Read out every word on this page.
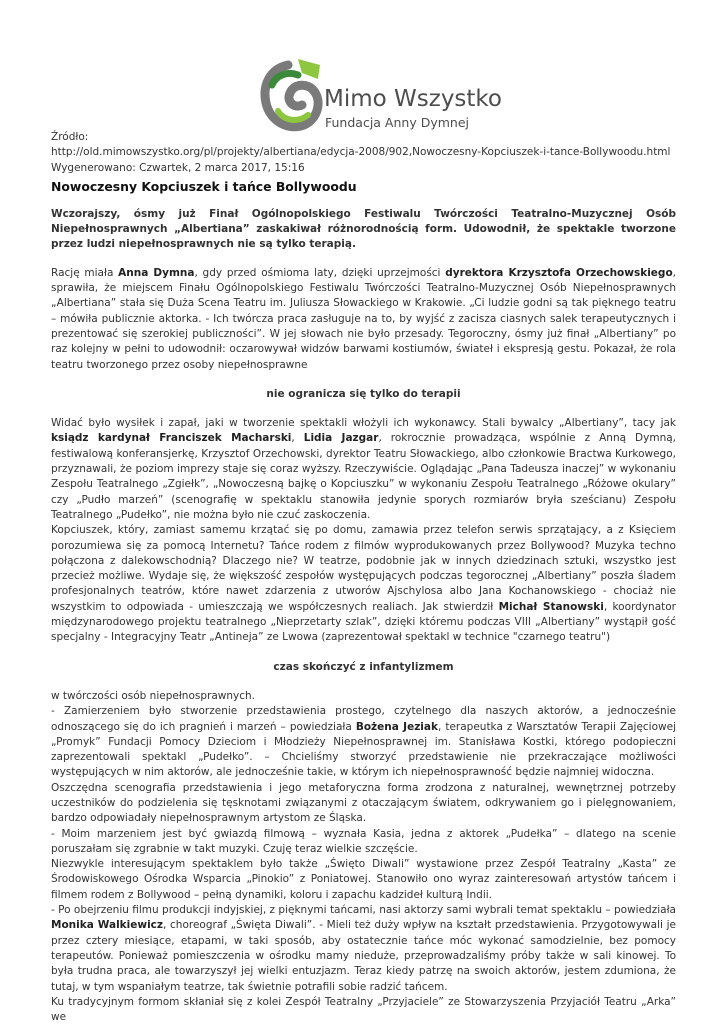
Mimo Wszystko
Fundacja Anny Dymnej
Źródło:
http://old.mimowszystko.org/pl/projekty/albertiana/edycja-2008/902,Nowoczesny-Kopciuszek-i-tance-Bollywoodu.html
Wygenerowano: Czwartek, 2 marca 2017, 15:16
Nowoczesny Kopciuszek i tańce Bollywoodu

Wczorajszy, ósmy już Finał Ogólnopolskiego Festiwalu Twórczości Teatralno-Muzycznej Osób Niepełnosprawnych „Albertiana” zaskakiwał różnorodnością form. Udowodnił, że spektakle tworzone przez ludzi niepełnosprawnych nie są tylko terapią.

Rację miała Anna Dymna, gdy przed ośmioma laty, dzięki uprzejmości dyrektora Krzysztofa Orzechowskiego, sprawiła, że miejscem Finału Ogólnopolskiego Festiwalu Twórczości Teatralno-Muzycznej Osób Niepełnosprawnych „Albertiana” stała się Duża Scena Teatru im. Juliusza Słowackiego w Krakowie. „Ci ludzie godni są tak pięknego teatru – mówiła publicznie aktorka. - Ich twórcza praca zasługuje na to, by wyjść z zacisza ciasnych salek terapeutycznych i prezentować się szerokiej publiczności”. W jej słowach nie było przesady. Tegoroczny, ósmy już finał „Albertiany” po raz kolejny w pełni to udowodnił: oczarowywał widzów barwami kostiumów, świateł i ekspresją gestu. Pokazał, że rola teatru tworzonego przez osoby niepełnosprawne

nie ogranicza się tylko do terapii

Widać było wysiłek i zapał, jaki w tworzenie spektakli włożyli ich wykonawcy. Stali bywalcy „Albertiany”, tacy jak ksiądz kardynał Franciszek Macharski, Lidia Jazgar, rokrocznie prowadząca, wspólnie z Anną Dymną, festiwalową konferansjerkę, Krzysztof Orzechowski, dyrektor Teatru Słowackiego, albo członkowie Bractwa Kurkowego, przyznawali, że poziom imprezy staje się coraz wyższy. Rzeczywiście. Oglądając „Pana Tadeusza inaczej” w wykonaniu Zespołu Teatralnego „Zgiełk”, „Nowoczesną bajkę o Kopciuszku” w wykonaniu Zespołu Teatralnego „Różowe okulary” czy „Pudło marzeń” (scenografię w spektaklu stanowiła jedynie sporych rozmiarów bryła sześcianu) Zespołu Teatralnego „Pudełko”, nie można było nie czuć zaskoczenia.

Kopciuszek, który, zamiast samemu krzątać się po domu, zamawia przez telefon serwis sprzątający, a z Księciem porozumiewa się za pomocą Internetu? Tańce rodem z filmów wyprodukowanych przez Bollywood? Muzyka techno połączona z dalekowschodnią? Dlaczego nie? W teatrze, podobnie jak w innych dziedzinach sztuki, wszystko jest przecież możliwe. Wydaje się, że większość zespołów występujących podczas tegorocznej „Albertiany” poszła śladem profesjonalnych teatrów, które nawet zdarzenia z utworów Ajschylosa albo Jana Kochanowskiego - chociaż nie wszystkim to odpowiada - umieszczają we współczesnych realiach. Jak stwierdził Michał Stanowski, koordynator międzynarodowego projektu teatralnego „Nieprzetarty szlak”, dzięki któremu podczas VIII „Albertiany” wystąpił gość specjalny - Integracyjny Teatr „Antineja” ze Lwowa (zaprezentował spektakl w technice "czarnego teatru")

czas skończyć z infantylizmem

w twórczości osób niepełnosprawnych.

- Zamierzeniem było stworzenie przedstawienia prostego, czytelnego dla naszych aktorów, a jednocześnie odnoszącego się do ich pragnień i marzeń – powiedziała Bożena Jeziak, terapeutka z Warsztatów Terapii Zajęciowej „Promyk” Fundacji Pomocy Dzieciom i Młodzieży Niepełnosprawnej im. Stanisława Kostki, którego podopieczni zaprezentowali spektakl „Pudełko”. – Chcieliśmy stworzyć przedstawienie nie przekraczające możliwości występujących w nim aktorów, ale jednocześnie takie, w którym ich niepełnosprawność będzie najmniej widoczna.

Oszczędna scenografia przedstawienia i jego metaforyczna forma zrodzona z naturalnej, wewnętrznej potrzeby uczestników do podzielenia się tęsknotami związanymi z otaczającym światem, odkrywaniem go i pielęgnowaniem, bardzo odpowiadały niepełnosprawnym artystom ze Śląska.

- Moim marzeniem jest być gwiazdą filmową – wyznała Kasia, jedna z aktorek „Pudełka” – dlatego na scenie poruszałam się zgrabnie w takt muzyki. Czuję teraz wielkie szczęście.

Niezwykle interesującym spektaklem było także „Święto Diwali” wystawione przez Zespół Teatralny „Kasta” ze Środowiskowego Ośrodka Wsparcia „Pinokio” z Poniatowej. Stanowiło ono wyraz zainteresowań artystów tańcem i filmem rodem z Bollywood – pełną dynamiki, koloru i zapachu kadzideł kulturą Indii.

- Po obejrzeniu filmu produkcji indyjskiej, z pięknymi tańcami, nasi aktorzy sami wybrali temat spektaklu – powiedziała Monika Walkiewicz, choreograf „Święta Diwali”. - Mieli też duży wpływ na kształt przedstawienia. Przygotowywali je przez cztery miesiące, etapami, w taki sposób, aby ostatecznie tańce móc wykonać samodzielnie, bez pomocy terapeutów. Ponieważ pomieszczenia w ośrodku mamy nieduże, przeprowadzaliśmy próby także w sali kinowej. To była trudna praca, ale towarzyszył jej wielki entuzjazm. Teraz kiedy patrzę na swoich aktorów, jestem zdumiona, że tutaj, w tym wspaniałym teatrze, tak świetnie potrafili sobie radzić tańcem.

Ku tradycyjnym formom skłaniał się z kolei Zespół Teatralny „Przyjaciele” ze Stowarzyszenia Przyjaciół Teatru „Arka” we
